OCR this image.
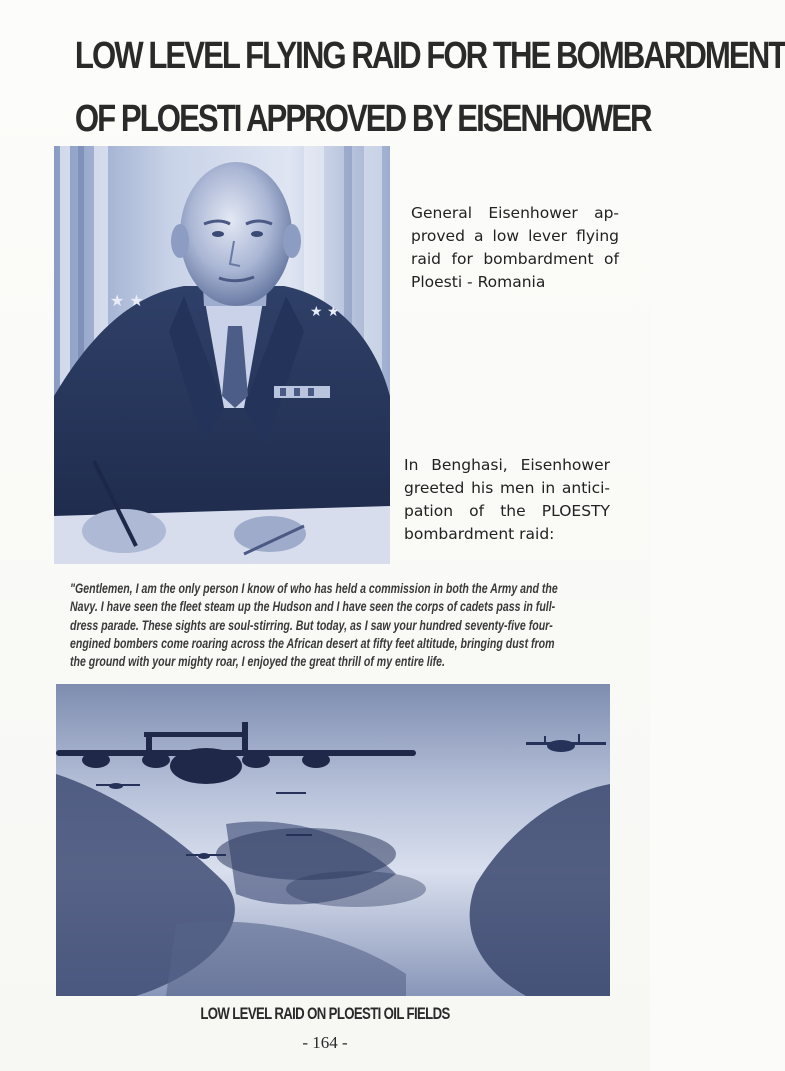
LOW LEVEL FLYING RAID FOR THE BOMBARDMENT
OF PLOESTI APPROVED BY EISENHOWER
★ ★
★ ★

General Eisenhower ap- proved a low lever flying raid for bombardment of Ploesti - Romania

In Benghasi, Eisenhower greeted his men in antici- pation of the PLOESTY bombardment raid:

"Gentlemen, I am the only person I know of who has held a commission in both the Army and the
Navy. I have seen the fleet steam up the Hudson and I have seen the corps of cadets pass in full-
dress parade. These sights are soul-stirring. But today, as I saw your hundred seventy-five four-
engined bombers come roaring across the African desert at fifty feet altitude, bringing dust from
the ground with your mighty roar, I enjoyed the great thrill of my entire life.

LOW LEVEL RAID ON PLOESTI OIL FIELDS

- 164 -
